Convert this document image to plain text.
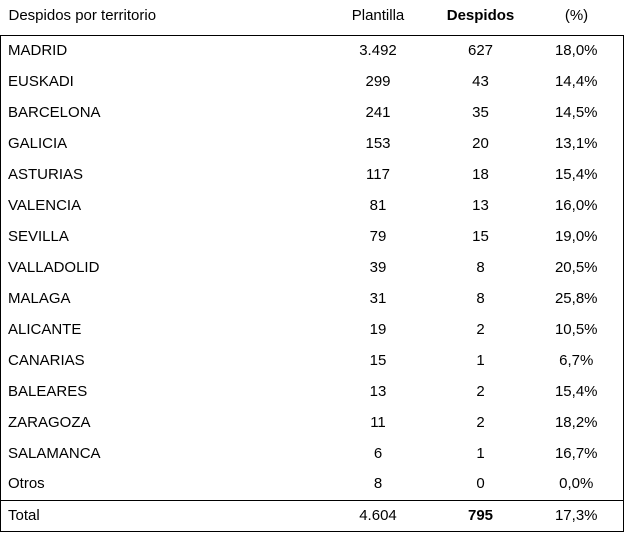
Despidos por territorio	Plantilla	Despidos	(%)
MADRID	3.492	627	18,0%
EUSKADI	299	43	14,4%
BARCELONA	241	35	14,5%
GALICIA	153	20	13,1%
ASTURIAS	117	18	15,4%
VALENCIA	81	13	16,0%
SEVILLA	79	15	19,0%
VALLADOLID	39	8	20,5%
MALAGA	31	8	25,8%
ALICANTE	19	2	10,5%
CANARIAS	15	1	6,7%
BALEARES	13	2	15,4%
ZARAGOZA	11	2	18,2%
SALAMANCA	6	1	16,7%
Otros	8	0	0,0%
Total	4.604	795	17,3%
